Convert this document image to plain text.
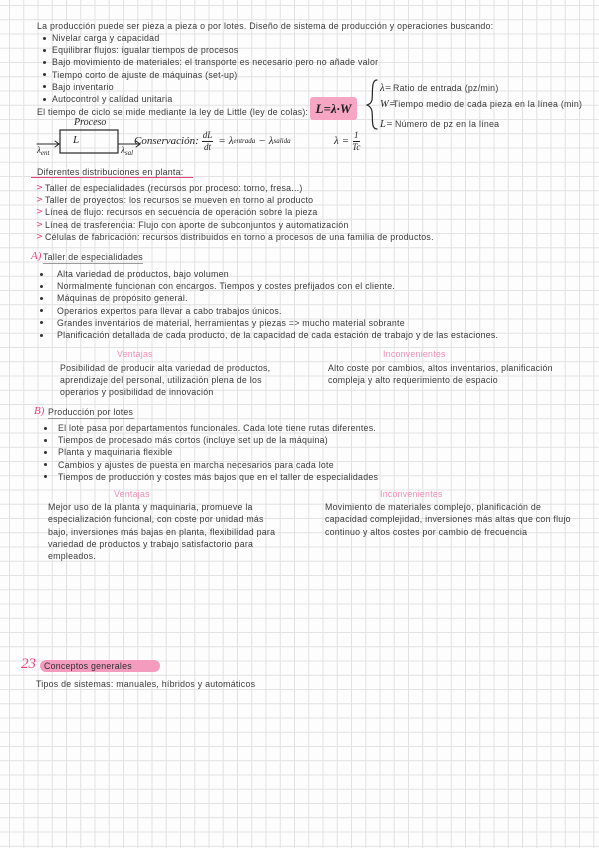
La producción puede ser pieza a pieza o por lotes. Diseño de sistema de producción y operaciones buscando:
Nivelar carga y capacidad
Equilibrar flujos: igualar tiempos de procesos
Bajo movimiento de materiales: el transporte es necesario pero no añade valor
Tiempo corto de ajuste de máquinas (set-up)
Bajo inventario
Autocontrol y calidad unitaria
El tiempo de ciclo se mide mediante la ley de Little (ley de colas): L=λ·W
λ= Ratio de entrada (pz/min)
W=
Tiempo medio de cada pieza en la línea (min)
L= Número de pz en la línea
Proceso
L
$\lambda_{ent}$	$\lambda_{sal}$
Conservación: $\frac{dL}{dt} = \lambda$ entrada − λ salida	$\lambda = \frac{1}{Tc}$
Diferentes distribuciones en planta:
> Taller de especialidades (recursos por proceso: torno, fresa...)
> Taller de proyectos: los recursos se mueven en torno al producto
> Línea de flujo: recursos en secuencia de operación sobre la pieza
> Línea de trasferencia: Flujo con aporte de subconjuntos y automatización
> Células de fabricación: recursos distribuidos en torno a procesos de una familia de productos.
A) Taller de especialidades
Alta variedad de productos, bajo volumen
Normalmente funcionan con encargos. Tiempos y costes prefijados con el cliente.
Máquinas de propósito general.
Operarios expertos para llevar a cabo trabajos únicos.
Grandes inventarios de material, herramientas y piezas => mucho material sobrante
Planificación detallada de cada producto, de la capacidad de cada estación de trabajo y de las estaciones.
Ventajas	Inconvenientes
Posibilidad de producir alta variedad de productos, aprendizaje del personal, utilización plena de los operarios y posibilidad de innovación
Alto coste por cambios, altos inventarios, planificación compleja y alto requerimiento de espacio
B) Producción por lotes
El lote pasa por departamentos funcionales. Cada lote tiene rutas diferentes.
Tiempos de procesado más cortos (incluye set up de la máquina)
Planta y maquinaria flexible
Cambios y ajustes de puesta en marcha necesarios para cada lote
Tiempos de producción y costes más bajos que en el taller de especialidades
Ventajas	Inconvenientes
Mejor uso de la planta y maquinaria, promueve la especialización funcional, con coste por unidad más bajo, inversiones más bajas en planta, flexibilidad para variedad de productos y trabajo satisfactorio para empleados.
Movimiento de materiales complejo, planificación de capacidad complejidad, inversiones más altas que con flujo continuo y altos costes por cambio de frecuencia
23 Conceptos generales
Tipos de sistemas: manuales, híbridos y automáticos
